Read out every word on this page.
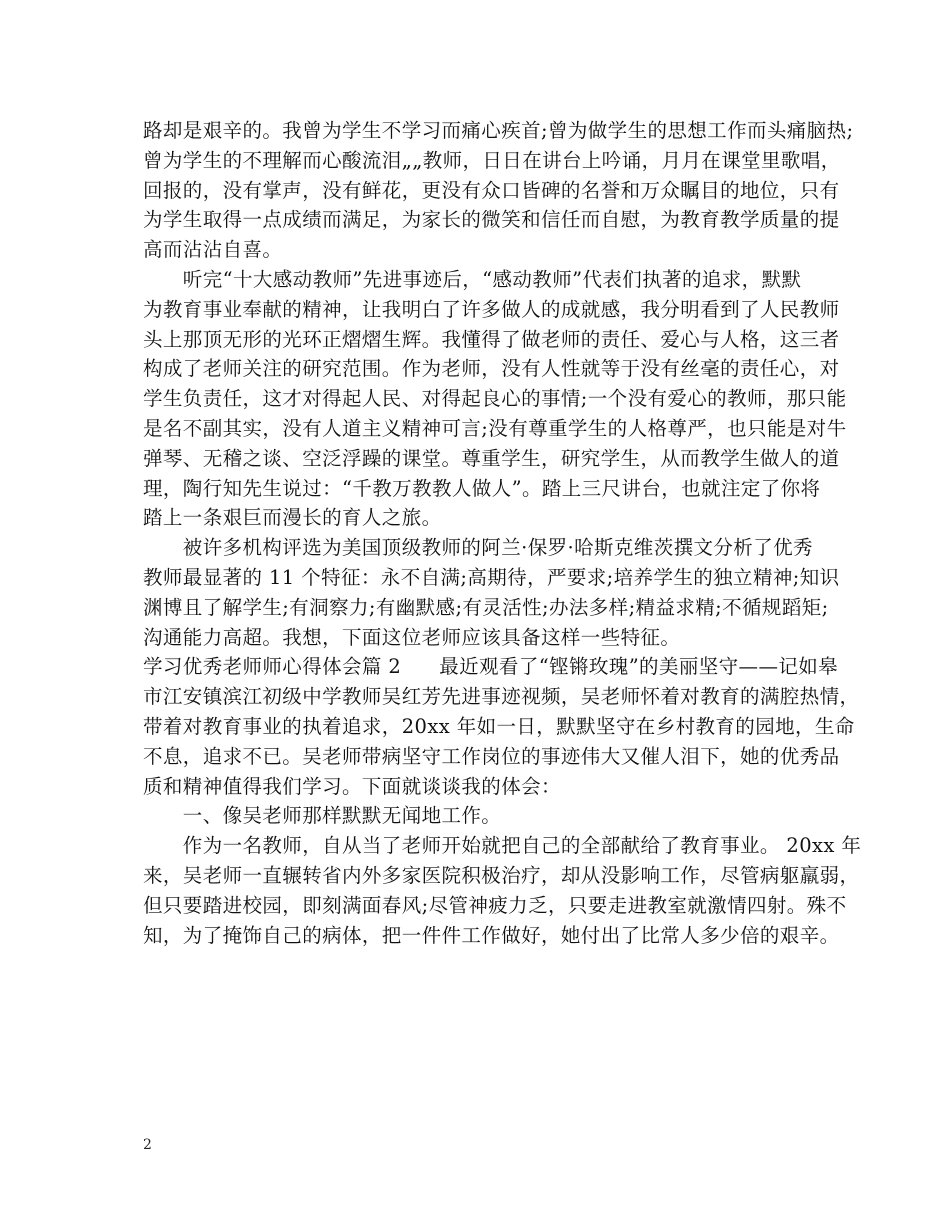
路却是艰辛的。我曾为学生不学习而痛心疾首;曾为做学生的思想工作而头痛脑热;
曾为学生的不理解而心酸流泪„„教师，日日在讲台上吟诵，月月在课堂里歌唱，
回报的，没有掌声，没有鲜花，更没有众口皆碑的名誉和万众瞩目的地位，只有
为学生取得一点成绩而满足，为家长的微笑和信任而自慰，为教育教学质量的提
高而沾沾自喜。
　　听完“十大感动教师”先进事迹后，“感动教师”代表们执著的追求，默默
为教育事业奉献的精神，让我明白了许多做人的成就感，我分明看到了人民教师
头上那顶无形的光环正熠熠生辉。我懂得了做老师的责任、爱心与人格，这三者
构成了老师关注的研究范围。作为老师，没有人性就等于没有丝毫的责任心，对
学生负责任，这才对得起人民、对得起良心的事情;一个没有爱心的教师，那只能
是名不副其实，没有人道主义精神可言;没有尊重学生的人格尊严，也只能是对牛
弹琴、无稽之谈、空泛浮躁的课堂。尊重学生，研究学生，从而教学生做人的道
理，陶行知先生说过：“千教万教教人做人”。踏上三尺讲台，也就注定了你将
踏上一条艰巨而漫长的育人之旅。
　　被许多机构评选为美国顶级教师的阿兰·保罗·哈斯克维茨撰文分析了优秀
教师最显著的 11 个特征：永不自满;高期待，严要求;培养学生的独立精神;知识
渊博且了解学生;有洞察力;有幽默感;有灵活性;办法多样;精益求精;不循规蹈矩;
沟通能力高超。我想，下面这位老师应该具备这样一些特征。
学习优秀老师师心得体会篇 2 最近观看了“铿锵玫瑰”的美丽坚守——记如皋
市江安镇滨江初级中学教师吴红芳先进事迹视频，吴老师怀着对教育的满腔热情，
带着对教育事业的执着追求，20xx 年如一日，默默坚守在乡村教育的园地，生命
不息，追求不已。吴老师带病坚守工作岗位的事迹伟大又催人泪下，她的优秀品
质和精神值得我们学习。下面就谈谈我的体会：
　　一、像吴老师那样默默无闻地工作。
　　作为一名教师，自从当了老师开始就把自己的全部献给了教育事业。 20xx 年
来，吴老师一直辗转省内外多家医院积极治疗，却从没影响工作，尽管病躯羸弱，
但只要踏进校园，即刻满面春风;尽管神疲力乏，只要走进教室就激情四射。殊不
知，为了掩饰自己的病体，把一件件工作做好，她付出了比常人多少倍的艰辛。
2
